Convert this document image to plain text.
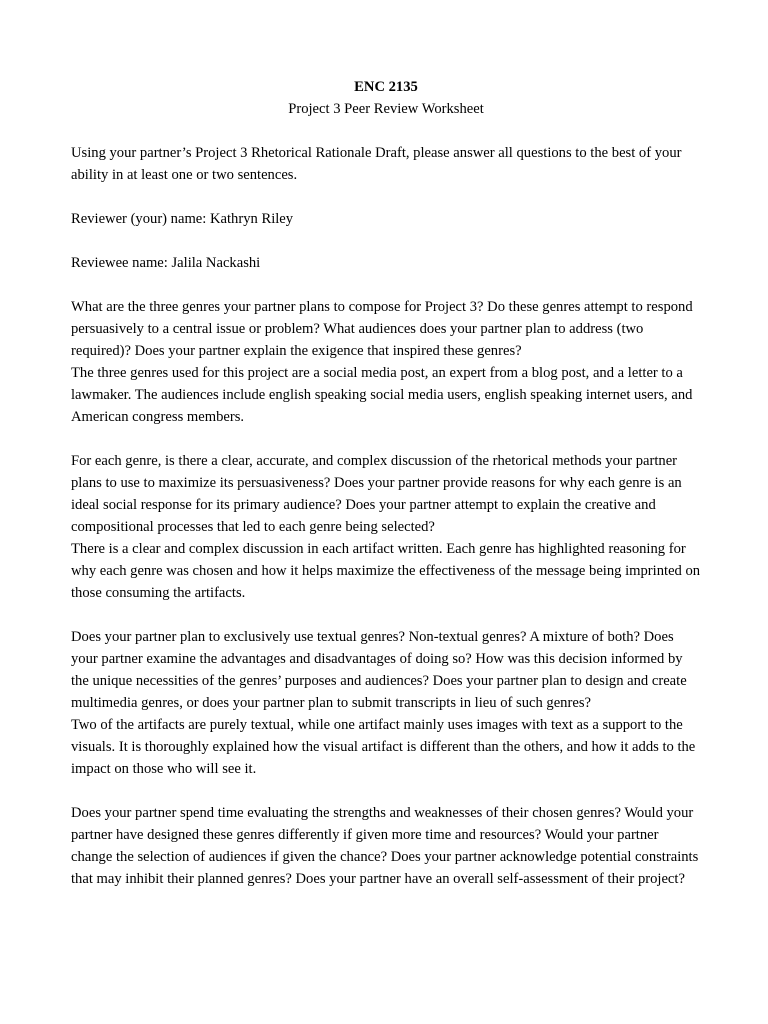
ENC 2135

Project 3 Peer Review Worksheet

Using your partner’s Project 3 Rhetorical Rationale Draft, please answer all questions to the best of your ability in at least one or two sentences.

Reviewer (your) name: Kathryn Riley

Reviewee name: Jalila Nackashi

What are the three genres your partner plans to compose for Project 3? Do these genres attempt to respond persuasively to a central issue or problem? What audiences does your partner plan to address (two required)? Does your partner explain the exigence that inspired these genres?

The three genres used for this project are a social media post, an expert from a blog post, and a letter to a lawmaker. The audiences include english speaking social media users, english speaking internet users, and American congress members.

For each genre, is there a clear, accurate, and complex discussion of the rhetorical methods your partner plans to use to maximize its persuasiveness? Does your partner provide reasons for why each genre is an ideal social response for its primary audience? Does your partner attempt to explain the creative and compositional processes that led to each genre being selected?

There is a clear and complex discussion in each artifact written. Each genre has highlighted reasoning for why each genre was chosen and how it helps maximize the effectiveness of the message being imprinted on those consuming the artifacts.

Does your partner plan to exclusively use textual genres? Non-textual genres? A mixture of both? Does your partner examine the advantages and disadvantages of doing so? How was this decision informed by the unique necessities of the genres’ purposes and audiences? Does your partner plan to design and create multimedia genres, or does your partner plan to submit transcripts in lieu of such genres?

Two of the artifacts are purely textual, while one artifact mainly uses images with text as a support to the visuals. It is thoroughly explained how the visual artifact is different than the others, and how it adds to the impact on those who will see it.

Does your partner spend time evaluating the strengths and weaknesses of their chosen genres? Would your partner have designed these genres differently if given more time and resources? Would your partner change the selection of audiences if given the chance? Does your partner acknowledge potential constraints that may inhibit their planned genres? Does your partner have an overall self-assessment of their project?
